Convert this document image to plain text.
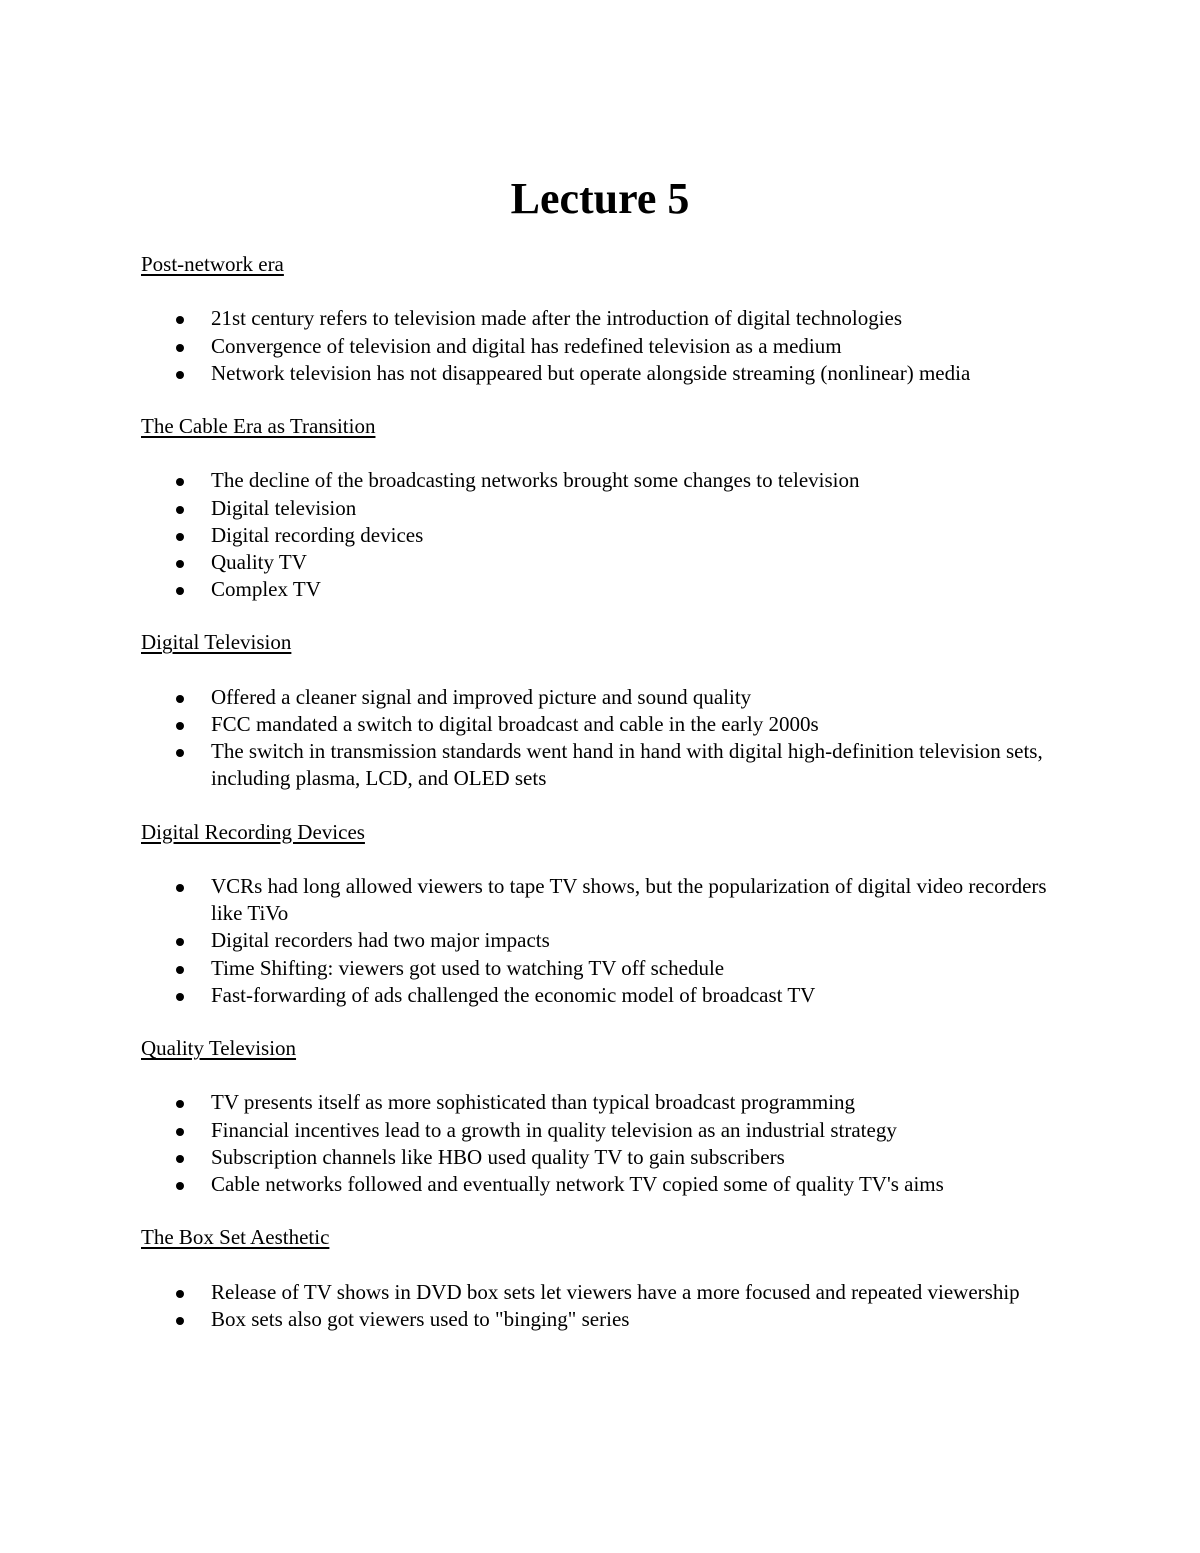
Lecture 5
Post-network era
21st century refers to television made after the introduction of digital technologies
Convergence of television and digital has redefined television as a medium
Network television has not disappeared but operate alongside streaming (nonlinear) media
The Cable Era as Transition
The decline of the broadcasting networks brought some changes to television
Digital television
Digital recording devices
Quality TV
Complex TV
Digital Television
Offered a cleaner signal and improved picture and sound quality
FCC mandated a switch to digital broadcast and cable in the early 2000s
The switch in transmission standards went hand in hand with digital high-definition television sets, including plasma, LCD, and OLED sets
Digital Recording Devices
VCRs had long allowed viewers to tape TV shows, but the popularization of digital video recorders like TiVo
Digital recorders had two major impacts
Time Shifting: viewers got used to watching TV off schedule
Fast-forwarding of ads challenged the economic model of broadcast TV
Quality Television
TV presents itself as more sophisticated than typical broadcast programming
Financial incentives lead to a growth in quality television as an industrial strategy
Subscription channels like HBO used quality TV to gain subscribers
Cable networks followed and eventually network TV copied some of quality TV's aims
The Box Set Aesthetic
Release of TV shows in DVD box sets let viewers have a more focused and repeated viewership
Box sets also got viewers used to "binging" series
